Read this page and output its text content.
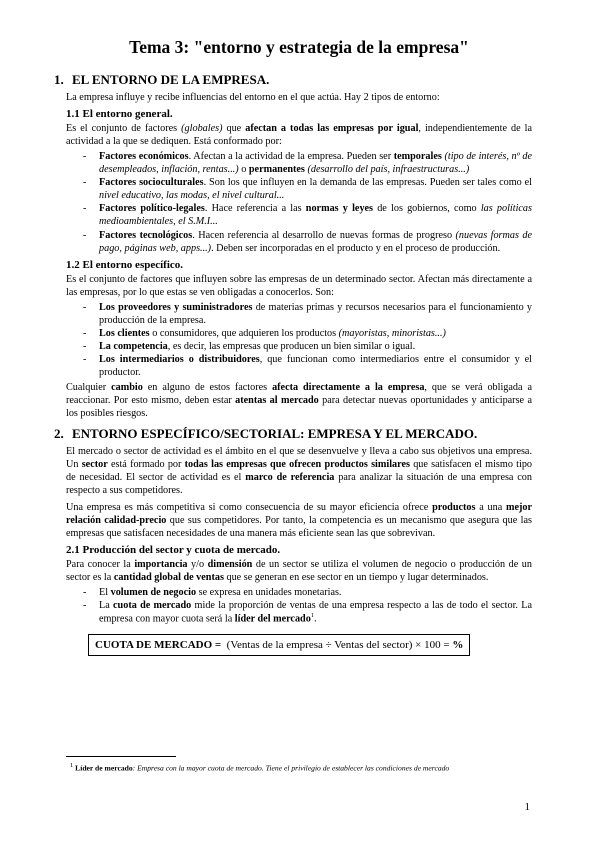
Tema 3: "entorno y estrategia de la empresa"
1. EL ENTORNO DE LA EMPRESA.

La empresa influye y recibe influencias del entorno en el que actúa. Hay 2 tipos de entorno:

1.1 El entorno general.

Es el conjunto de factores (globales) que afectan a todas las empresas por igual, independientemente de la actividad a la que se dediquen. Está conformado por:

- Factores económicos. Afectan a la actividad de la empresa. Pueden ser temporales (tipo de interés, nº de desempleados, inflación, rentas...) o permanentes (desarrollo del país, infraestructuras...)
- Factores socioculturales. Son los que influyen en la demanda de las empresas. Pueden ser tales como el nivel educativo, las modas, el nivel cultural...
- Factores político-legales. Hace referencia a las normas y leyes de los gobiernos, como las políticas medioambientales, el S.M.I...
- Factores tecnológicos. Hacen referencia al desarrollo de nuevas formas de progreso (nuevas formas de pago, páginas web, apps...). Deben ser incorporadas en el producto y en el proceso de producción.
1.2 El entorno específico.

Es el conjunto de factores que influyen sobre las empresas de un determinado sector. Afectan más directamente a las empresas, por lo que estas se ven obligadas a conocerlos. Son:

- Los proveedores y suministradores de materias primas y recursos necesarios para el funcionamiento y producción de la empresa.
- Los clientes o consumidores, que adquieren los productos (mayoristas, minoristas...)
- La competencia, es decir, las empresas que producen un bien similar o igual.
- Los intermediarios o distribuidores, que funcionan como intermediarios entre el consumidor y el productor.

Cualquier cambio en alguno de estos factores afecta directamente a la empresa, que se verá obligada a reaccionar. Por esto mismo, deben estar atentas al mercado para detectar nuevas oportunidades y anticiparse a los posibles riesgos.

2. ENTORNO ESPECÍFICO/SECTORIAL: EMPRESA Y EL MERCADO.

El mercado o sector de actividad es el ámbito en el que se desenvuelve y lleva a cabo sus objetivos una empresa. Un sector está formado por todas las empresas que ofrecen productos similares que satisfacen el mismo tipo de necesidad. El sector de actividad es el marco de referencia para analizar la situación de una empresa con respecto a sus competidores.

Una empresa es más competitiva si como consecuencia de su mayor eficiencia ofrece productos a una mejor relación calidad-precio que sus competidores. Por tanto, la competencia es un mecanismo que asegura que las empresas que satisfacen necesidades de una manera más eficiente sean las que sobrevivan.

2.1 Producción del sector y cuota de mercado.

Para conocer la importancia y/o dimensión de un sector se utiliza el volumen de negocio o producción de un sector es la cantidad global de ventas que se generan en ese sector en un tiempo y lugar determinados.

- El volumen de negocio se expresa en unidades monetarias.
- La cuota de mercado mide la proporción de ventas de una empresa respecto a las de todo el sector. La empresa con mayor cuota será la líder del mercado$^1$.
CUOTA DE MERCADO =  (Ventas de la empresa ÷ Ventas del sector) × 100 = %
$^1$ Líder de mercado: Empresa con la mayor cuota de mercado. Tiene el privilegio de establecer las condiciones de mercado
1
